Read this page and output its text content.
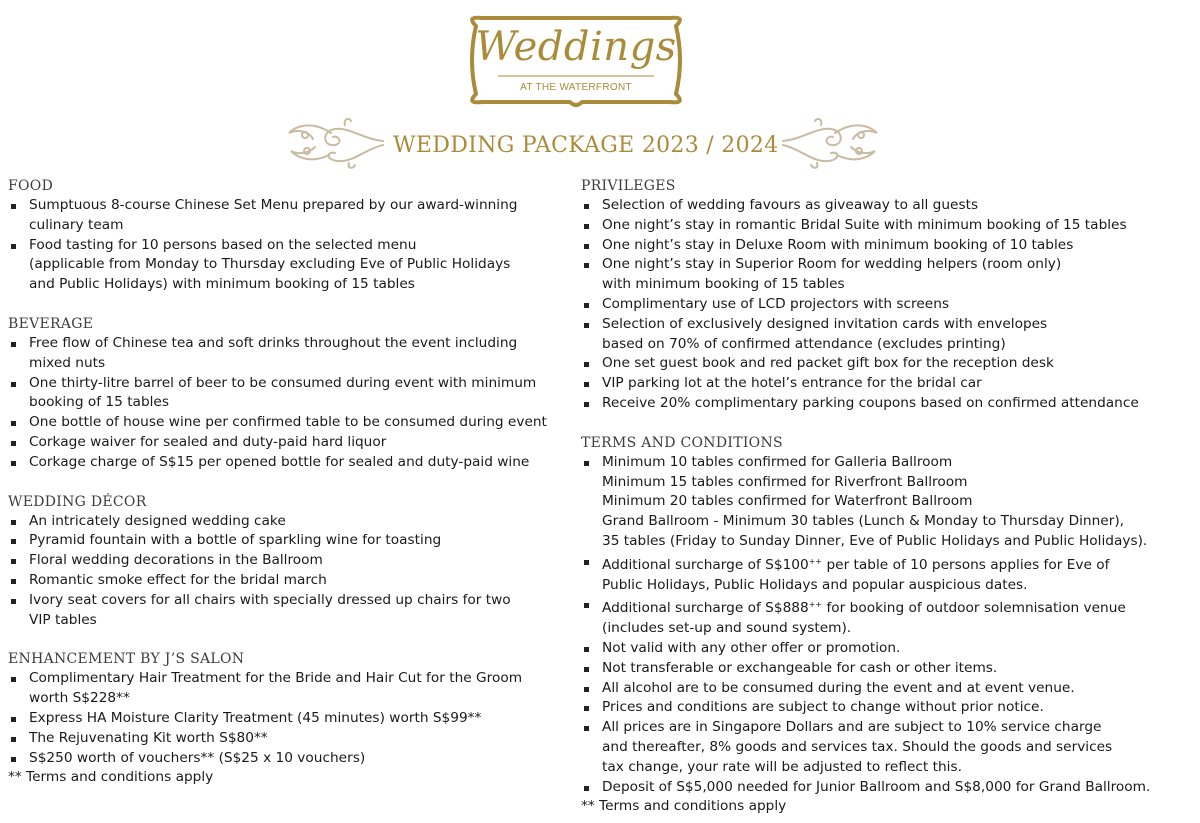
Weddings
AT THE WATERFRONT
WEDDING PACKAGE 2023 / 2024
FOOD
Sumptuous 8-course Chinese Set Menu prepared by our award-winning
culinary team
Food tasting for 10 persons based on the selected menu
(applicable from Monday to Thursday excluding Eve of Public Holidays
and Public Holidays) with minimum booking of 15 tables
BEVERAGE
Free flow of Chinese tea and soft drinks throughout the event including
mixed nuts
One thirty-litre barrel of beer to be consumed during event with minimum
booking of 15 tables
One bottle of house wine per confirmed table to be consumed during event
Corkage waiver for sealed and duty-paid hard liquor
Corkage charge of S$15 per opened bottle for sealed and duty-paid wine
WEDDING DÉCOR
An intricately designed wedding cake
Pyramid fountain with a bottle of sparkling wine for toasting
Floral wedding decorations in the Ballroom
Romantic smoke effect for the bridal march
Ivory seat covers for all chairs with specially dressed up chairs for two
VIP tables
ENHANCEMENT BY J’S SALON
Complimentary Hair Treatment for the Bride and Hair Cut for the Groom
worth S$228**
Express HA Moisture Clarity Treatment (45 minutes) worth S$99**
The Rejuvenating Kit worth S$80**
S$250 worth of vouchers** (S$25 x 10 vouchers)
** Terms and conditions apply
PRIVILEGES
Selection of wedding favours as giveaway to all guests
One night’s stay in romantic Bridal Suite with minimum booking of 15 tables
One night’s stay in Deluxe Room with minimum booking of 10 tables
One night’s stay in Superior Room for wedding helpers (room only)
with minimum booking of 15 tables
Complimentary use of LCD projectors with screens
Selection of exclusively designed invitation cards with envelopes
based on 70% of confirmed attendance (excludes printing)
One set guest book and red packet gift box for the reception desk
VIP parking lot at the hotel’s entrance for the bridal car
Receive 20% complimentary parking coupons based on confirmed attendance
TERMS AND CONDITIONS
Minimum 10 tables confirmed for Galleria Ballroom
Minimum 15 tables confirmed for Riverfront Ballroom
Minimum 20 tables confirmed for Waterfront Ballroom
Grand Ballroom - Minimum 30 tables (Lunch & Monday to Thursday Dinner),
35 tables (Friday to Sunday Dinner, Eve of Public Holidays and Public Holidays).
Additional surcharge of S$100++ per table of 10 persons applies for Eve of
Public Holidays, Public Holidays and popular auspicious dates.
Additional surcharge of S$888++ for booking of outdoor solemnisation venue
(includes set-up and sound system).
Not valid with any other offer or promotion.
Not transferable or exchangeable for cash or other items.
All alcohol are to be consumed during the event and at event venue.
Prices and conditions are subject to change without prior notice.
All prices are in Singapore Dollars and are subject to 10% service charge
and thereafter, 8% goods and services tax. Should the goods and services
tax change, your rate will be adjusted to reflect this.
Deposit of S$5,000 needed for Junior Ballroom and S$8,000 for Grand Ballroom.
** Terms and conditions apply
